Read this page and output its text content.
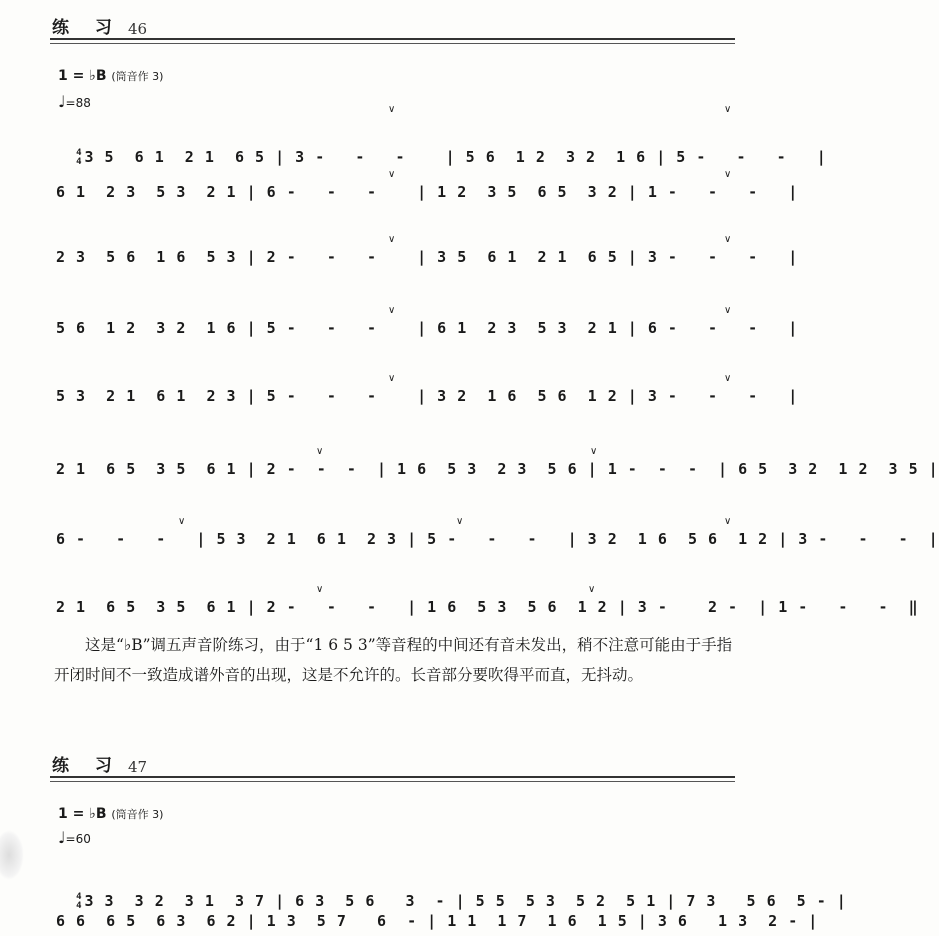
练 习 46
1 = ♭B (筒音作 3)
♩=88

4
4 3 5  6 1  2 1  6 5 | 3 -   -   -    | 5 6  1 2  3 2  1 6 | 5 -   -   -   |

6 1  2 3  5 3  2 1 | 6 -   -   -    | 1 2  3 5  6 5  3 2 | 1 -   -   -   |
2 3  5 6  1 6  5 3 | 2 -   -   -    | 3 5  6 1  2 1  6 5 | 3 -   -   -   |
5 6  1 2  3 2  1 6 | 5 -   -   -    | 6 1  2 3  5 3  2 1 | 6 -   -   -   |
5 3  2 1  6 1  2 3 | 5 -   -   -    | 3 2  1 6  5 6  1 2 | 3 -   -   -   |
2 1  6 5  3 5  6 1 | 2 -  -  -  | 1 6  5 3  2 3  5 6 | 1 -  -  -  | 6 5  3 2  1 2  3 5 |
6 -   -   -   | 5 3  2 1  6 1  2 3 | 5 -   -   -   | 3 2  1 6  5 6  1 2 | 3 -   -   -  |
2 1  6 5  3 5  6 1 | 2 -   -   -   | 1 6  5 3  5 6  1 2 | 3 -    2 -  | 1 -   -   -  ‖
∨	∨
∨	∨
∨	∨
∨	∨
∨	∨
∨	∨
∨	∨	∨
∨	∨
这是“♭B”调五声音阶练习，由于“1 6 5 3”等音程的中间还有音未发出，稍不注意可能由于手指开闭时间不一致造成谱外音的出现，这是不允许的。长音部分要吹得平而直，无抖动。
练 习 47
1 = ♭B (筒音作 3)
♩=60

4
4 3 3  3 2  3 1  3 7 | 6 3  5 6   3  - | 5 5  5 3  5 2  5 1 | 7 3   5 6  5 - |

6 6  6 5  6 3  6 2 | 1 3  5 7   6  - | 1 1  1 7  1 6  1 5 | 3 6   1 3  2 - |
